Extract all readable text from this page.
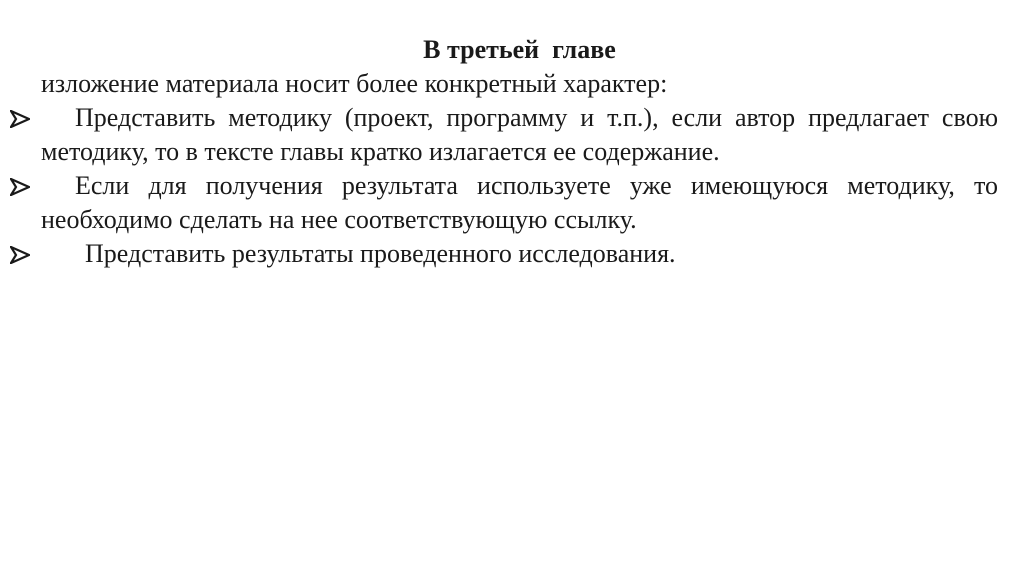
В третьей  главе

изложение материала носит более конкретный характер:

Представить методику (проект, программу и т.п.), если автор предлагает свою методику, то в тексте главы кратко излагается ее содержание.

Если для получения результата используете уже имеющуюся методику, то необходимо сделать на нее соответствующую ссылку.

Представить результаты проведенного исследования.
